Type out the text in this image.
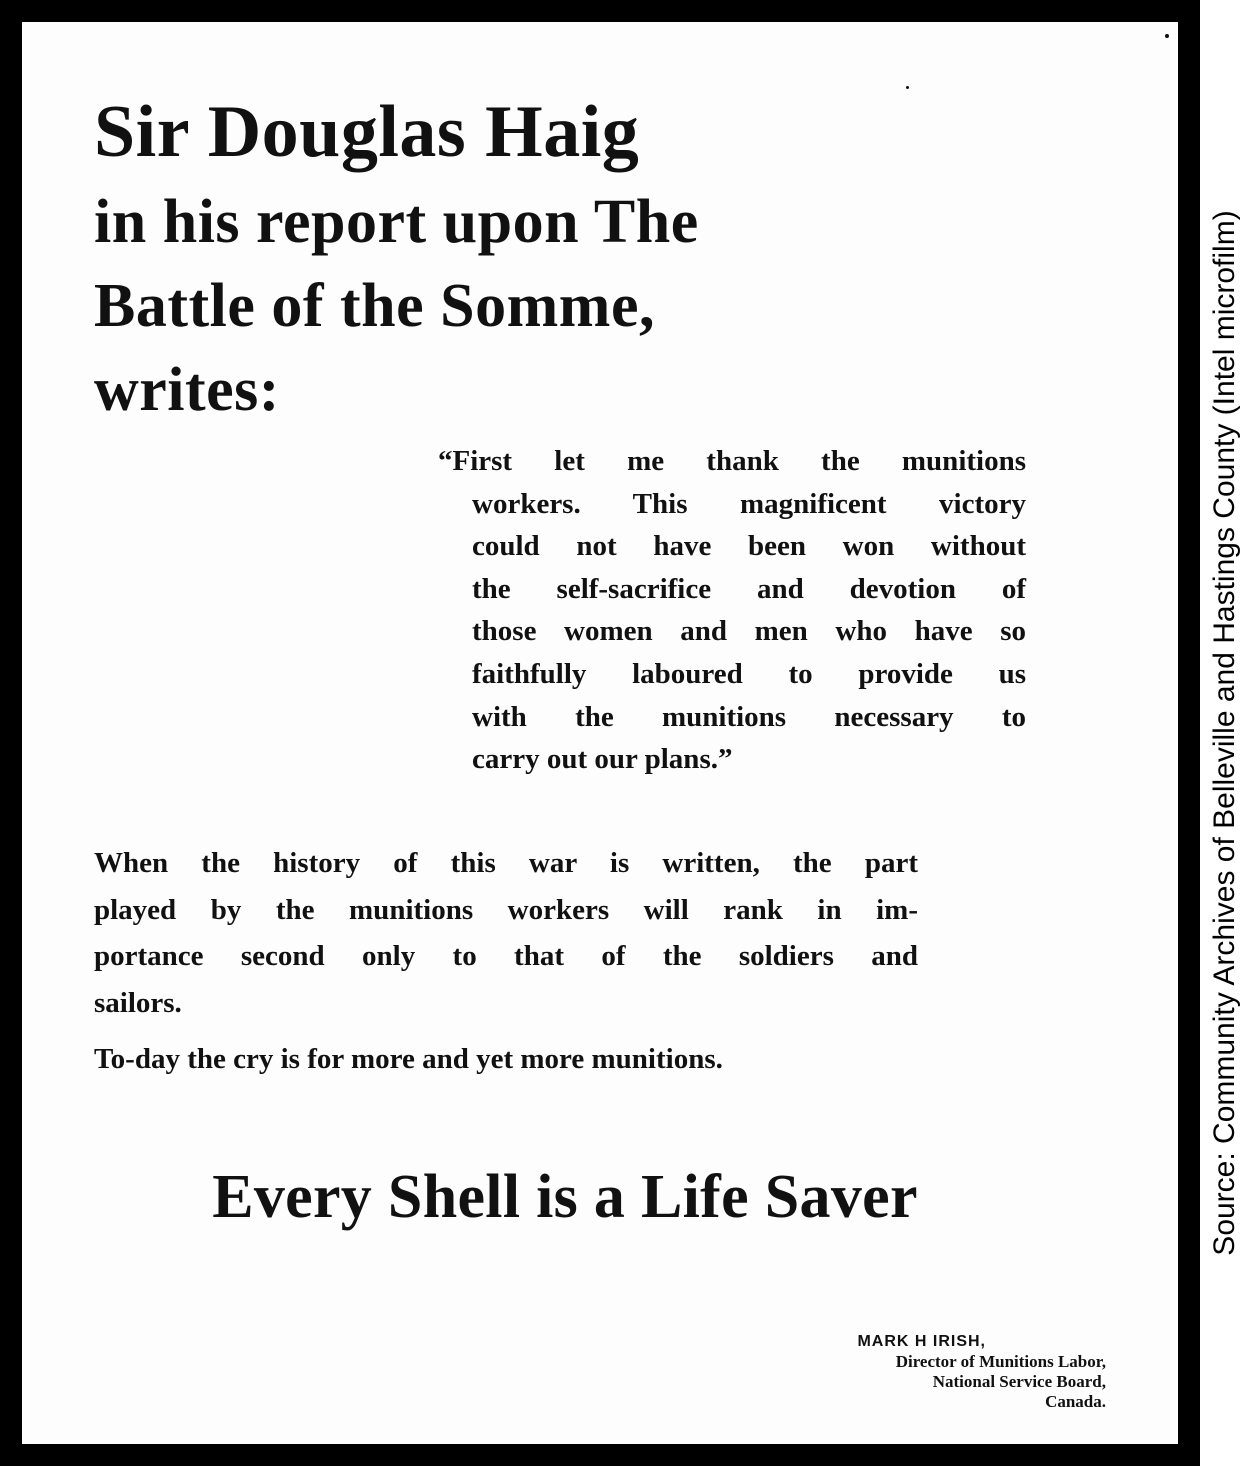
Sir Douglas Haig
in his report upon The
Battle of the Somme,
writes:
“First let me thank the munitions
workers. This magnificent victory
could not have been won without
the self-sacrifice and devotion of
those women and men who have so
faithfully laboured to provide us
with the munitions necessary to
carry out our plans.”
When the history of this war is written, the part
played by the munitions workers will rank in im-
portance second only to that of the soldiers and
sailors.
To-day the cry is for more and yet more munitions.
Every Shell is a Life Saver
MARK H IRISH,
Director of Munitions Labor,
National Service Board,
Canada.
Source: Community Archives of Belleville and Hastings County (Intel microfilm)
